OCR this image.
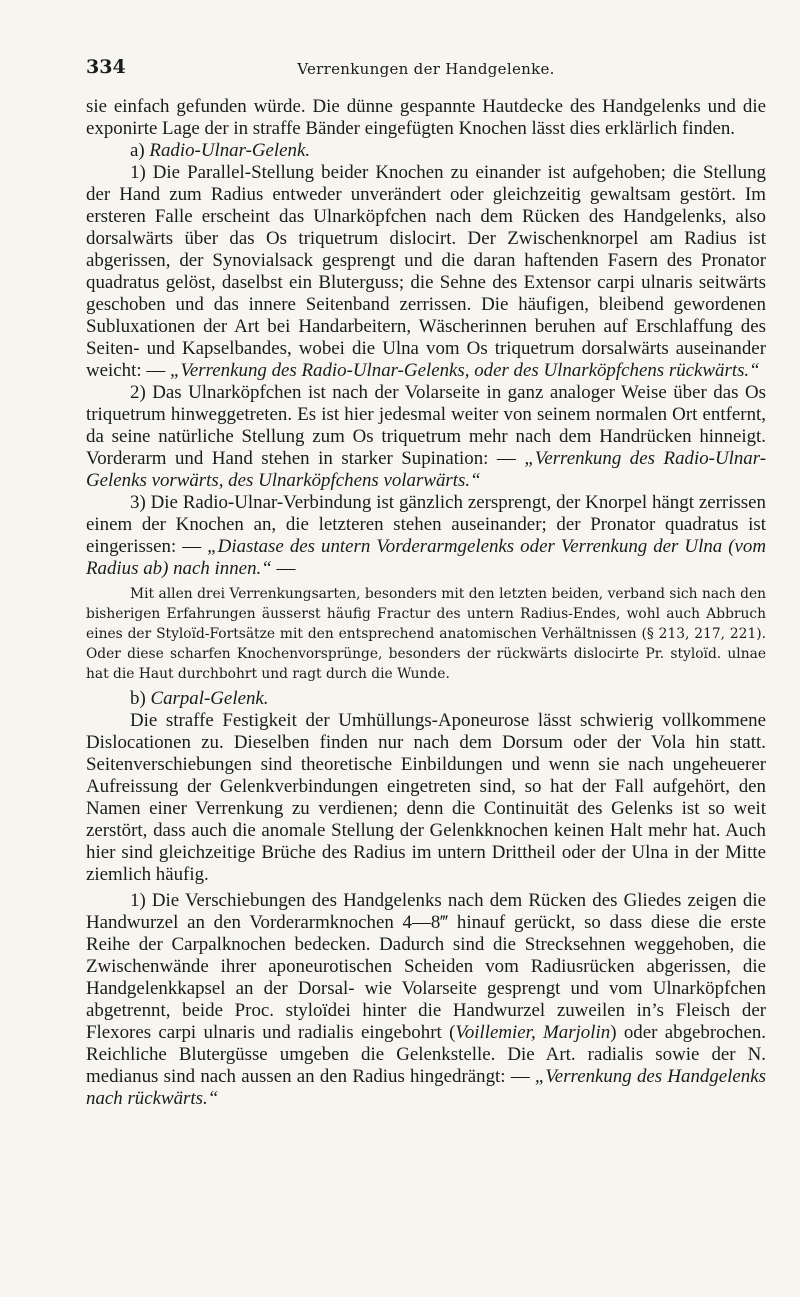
334	Verrenkungen der Handgelenke.

sie einfach gefunden würde. Die dünne gespannte Hautdecke des Handgelenks und die exponirte Lage der in straffe Bänder eingefügten Knochen lässt dies erklärlich finden.

a) Radio-Ulnar-Gelenk.

1) Die Parallel-Stellung beider Knochen zu einander ist aufgehoben; die Stellung der Hand zum Radius entweder unverändert oder gleichzeitig gewaltsam gestört. Im ersteren Falle erscheint das Ulnarköpfchen nach dem Rücken des Handgelenks, also dorsalwärts über das Os triquetrum dislocirt. Der Zwischenknorpel am Radius ist abgerissen, der Synovialsack gesprengt und die daran haftenden Fasern des Pronator quadratus gelöst, daselbst ein Bluterguss; die Sehne des Extensor carpi ulnaris seitwärts geschoben und das innere Seitenband zerrissen. Die häufigen, bleibend gewordenen Subluxationen der Art bei Handarbeitern, Wäscherinnen beruhen auf Erschlaffung des Seiten- und Kapselbandes, wobei die Ulna vom Os triquetrum dorsalwärts auseinander weicht: — „Verrenkung des Radio-Ulnar-Gelenks, oder des Ulnarköpfchens rückwärts.“

2) Das Ulnarköpfchen ist nach der Volarseite in ganz analoger Weise über das Os triquetrum hinweggetreten. Es ist hier jedesmal weiter von seinem normalen Ort entfernt, da seine natürliche Stellung zum Os triquetrum mehr nach dem Handrücken hinneigt. Vorderarm und Hand stehen in starker Supination: — „Verrenkung des Radio-Ulnar-Gelenks vorwärts, des Ulnarköpfchens volarwärts.“

3) Die Radio-Ulnar-Verbindung ist gänzlich zersprengt, der Knorpel hängt zerrissen einem der Knochen an, die letzteren stehen auseinander; der Pronator quadratus ist eingerissen: — „Diastase des untern Vorderarmgelenks oder Verrenkung der Ulna (vom Radius ab) nach innen.“ —

Mit allen drei Verrenkungsarten, besonders mit den letzten beiden, verband sich nach den bisherigen Erfahrungen äusserst häufig Fractur des untern Radius-Endes, wohl auch Abbruch eines der Styloïd-Fortsätze mit den entsprechend anatomischen Verhältnissen (§ 213, 217, 221). Oder diese scharfen Knochenvorsprünge, besonders der rückwärts dislocirte Pr. styloïd. ulnae hat die Haut durchbohrt und ragt durch die Wunde.

b) Carpal-Gelenk.

Die straffe Festigkeit der Umhüllungs-Aponeurose lässt schwierig vollkommene Dislocationen zu. Dieselben finden nur nach dem Dorsum oder der Vola hin statt. Seitenverschiebungen sind theoretische Einbildungen und wenn sie nach ungeheuerer Aufreissung der Gelenkverbindungen eingetreten sind, so hat der Fall aufgehört, den Namen einer Verrenkung zu verdienen; denn die Continuität des Gelenks ist so weit zerstört, dass auch die anomale Stellung der Gelenkknochen keinen Halt mehr hat. Auch hier sind gleichzeitige Brüche des Radius im untern Drittheil oder der Ulna in der Mitte ziemlich häufig.

1) Die Verschiebungen des Handgelenks nach dem Rücken des Gliedes zeigen die Handwurzel an den Vorderarmknochen 4—8‴ hinauf gerückt, so dass diese die erste Reihe der Carpalknochen bedecken. Dadurch sind die Strecksehnen weggehoben, die Zwischenwände ihrer aponeurotischen Scheiden vom Radiusrücken abgerissen, die Handgelenkkapsel an der Dorsal- wie Volarseite gesprengt und vom Ulnarköpfchen abgetrennt, beide Proc. styloïdei hinter die Handwurzel zuweilen in’s Fleisch der Flexores carpi ulnaris und radialis eingebohrt (Voillemier, Marjolin) oder abgebrochen. Reichliche Blutergüsse umgeben die Gelenkstelle. Die Art. radialis sowie der N. medianus sind nach aussen an den Radius hingedrängt: — „Verrenkung des Handgelenks nach rückwärts.“
